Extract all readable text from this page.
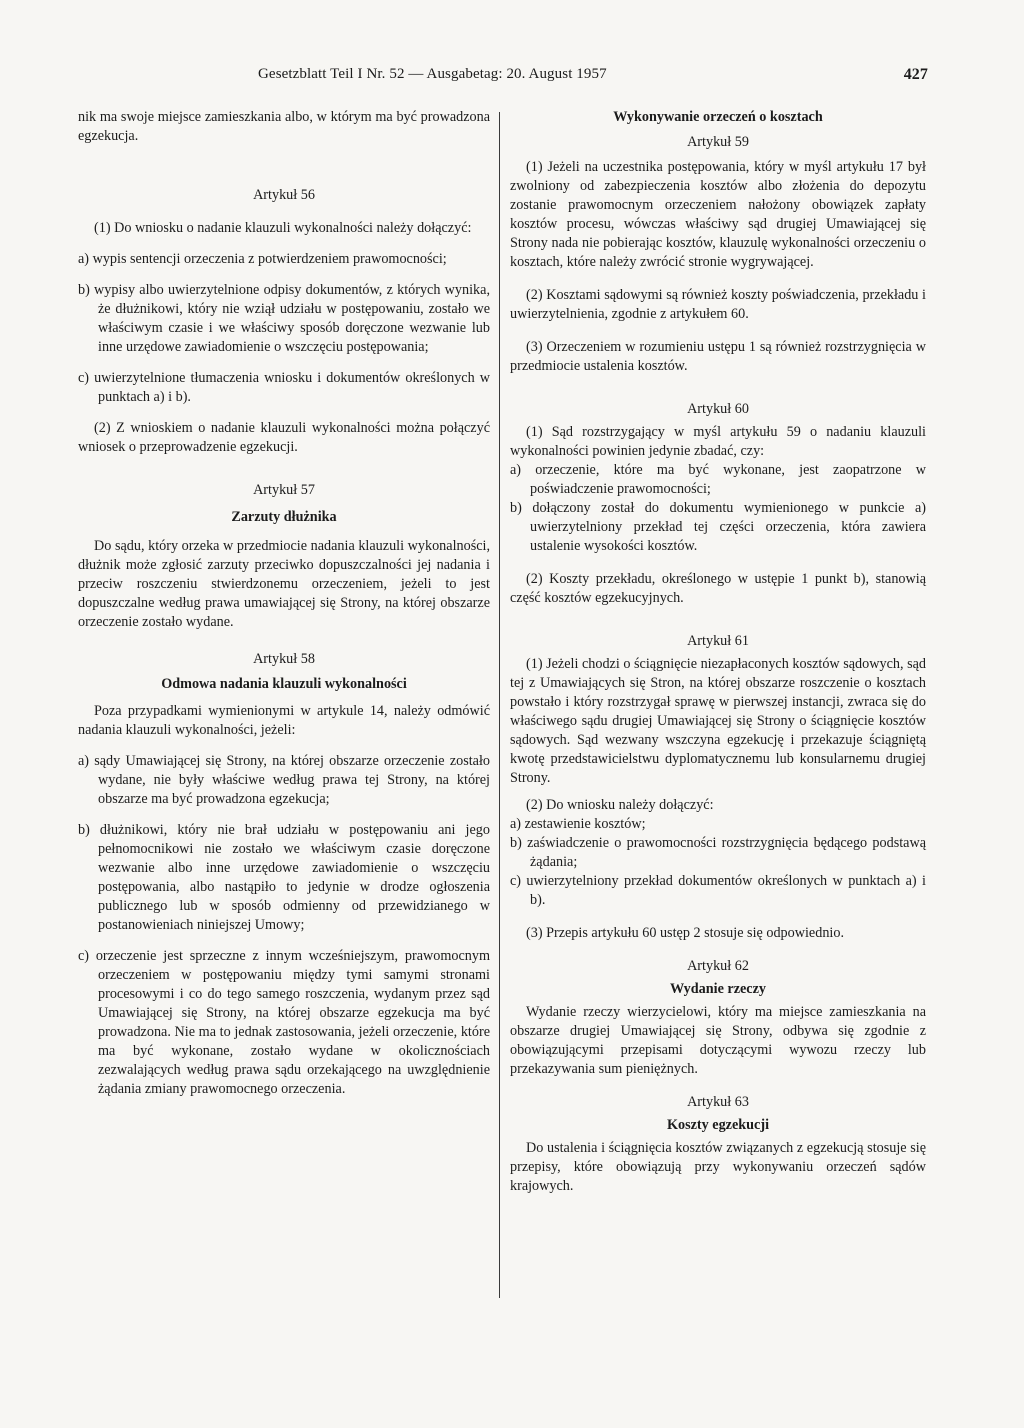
Gesetzblatt Teil I Nr. 52 — Ausgabetag: 20. August 1957	427

nik ma swoje miejsce zamieszkania albo, w którym ma być prowadzona egzekucja.

Artykuł 56

(1) Do wniosku o nadanie klauzuli wykonalności należy dołączyć:

a) wypis sentencji orzeczenia z potwierdzeniem prawomocności;

b) wypisy albo uwierzytelnione odpisy dokumentów, z których wynika, że dłużnikowi, który nie wziął udziału w postępowaniu, zostało we właściwym czasie i we właściwy sposób doręczone wezwanie lub inne urzędowe zawiadomienie o wszczęciu postępowania;

c) uwierzytelnione tłumaczenia wniosku i dokumentów określonych w punktach a) i b).

(2) Z wnioskiem o nadanie klauzuli wykonalności można połączyć wniosek o przeprowadzenie egzekucji.

Artykuł 57

Zarzuty dłużnika

Do sądu, który orzeka w przedmiocie nadania klauzuli wykonalności, dłużnik może zgłosić zarzuty przeciwko dopuszczalności jej nadania i przeciw roszczeniu stwierdzonemu orzeczeniem, jeżeli to jest dopuszczalne według prawa umawiającej się Strony, na której obszarze orzeczenie zostało wydane.

Artykuł 58

Odmowa nadania klauzuli wykonalności

Poza przypadkami wymienionymi w artykule 14, należy odmówić nadania klauzuli wykonalności, jeżeli:

a) sądy Umawiającej się Strony, na której obszarze orzeczenie zostało wydane, nie były właściwe według prawa tej Strony, na której obszarze ma być prowadzona egzekucja;

b) dłużnikowi, który nie brał udziału w postępowaniu ani jego pełnomocnikowi nie zostało we właściwym czasie doręczone wezwanie albo inne urzędowe zawiadomienie o wszczęciu postępowania, albo nastąpiło to jedynie w drodze ogłoszenia publicznego lub w sposób odmienny od przewidzianego w postanowieniach niniejszej Umowy;

c) orzeczenie jest sprzeczne z innym wcześniejszym, prawomocnym orzeczeniem w postępowaniu między tymi samymi stronami procesowymi i co do tego samego roszczenia, wydanym przez sąd Umawiającej się Strony, na której obszarze egzekucja ma być prowadzona. Nie ma to jednak zastosowania, jeżeli orzeczenie, które ma być wykonane, zostało wydane w okolicznościach zezwalających według prawa sądu orzekającego na uwzględnienie żądania zmiany prawomocnego orzeczenia.

Wykonywanie orzeczeń o kosztach

Artykuł 59

(1) Jeżeli na uczestnika postępowania, który w myśl artykułu 17 był zwolniony od zabezpieczenia kosztów albo złożenia do depozytu zostanie prawomocnym orzeczeniem nałożony obowiązek zapłaty kosztów procesu, wówczas właściwy sąd drugiej Umawiającej się Strony nada nie pobierając kosztów, klauzulę wykonalności orzeczeniu o kosztach, które należy zwrócić stronie wygrywającej.

(2) Kosztami sądowymi są również koszty poświadczenia, przekładu i uwierzytelnienia, zgodnie z artykułem 60.

(3) Orzeczeniem w rozumieniu ustępu 1 są również rozstrzygnięcia w przedmiocie ustalenia kosztów.

Artykuł 60

(1) Sąd rozstrzygający w myśl artykułu 59 o nadaniu klauzuli wykonalności powinien jedynie zbadać, czy:

a) orzeczenie, które ma być wykonane, jest zaopatrzone w poświadczenie prawomocności;

b) dołączony został do dokumentu wymienionego w punkcie a) uwierzytelniony przekład tej części orzeczenia, która zawiera ustalenie wysokości kosztów.

(2) Koszty przekładu, określonego w ustępie 1 punkt b), stanowią część kosztów egzekucyjnych.

Artykuł 61

(1) Jeżeli chodzi o ściągnięcie niezapłaconych kosztów sądowych, sąd tej z Umawiających się Stron, na której obszarze roszczenie o kosztach powstało i który rozstrzygał sprawę w pierwszej instancji, zwraca się do właściwego sądu drugiej Umawiającej się Strony o ściągnięcie kosztów sądowych. Sąd wezwany wszczyna egzekucję i przekazuje ściągniętą kwotę przedstawicielstwu dyplomatycznemu lub konsularnemu drugiej Strony.

(2) Do wniosku należy dołączyć:

a) zestawienie kosztów;

b) zaświadczenie o prawomocności rozstrzygnięcia będącego podstawą żądania;

c) uwierzytelniony przekład dokumentów określonych w punktach a) i b).

(3) Przepis artykułu 60 ustęp 2 stosuje się odpowiednio.

Artykuł 62

Wydanie rzeczy

Wydanie rzeczy wierzycielowi, który ma miejsce zamieszkania na obszarze drugiej Umawiającej się Strony, odbywa się zgodnie z obowiązującymi przepisami dotyczącymi wywozu rzeczy lub przekazywania sum pieniężnych.

Artykuł 63

Koszty egzekucji

Do ustalenia i ściągnięcia kosztów związanych z egzekucją stosuje się przepisy, które obowiązują przy wykonywaniu orzeczeń sądów krajowych.
